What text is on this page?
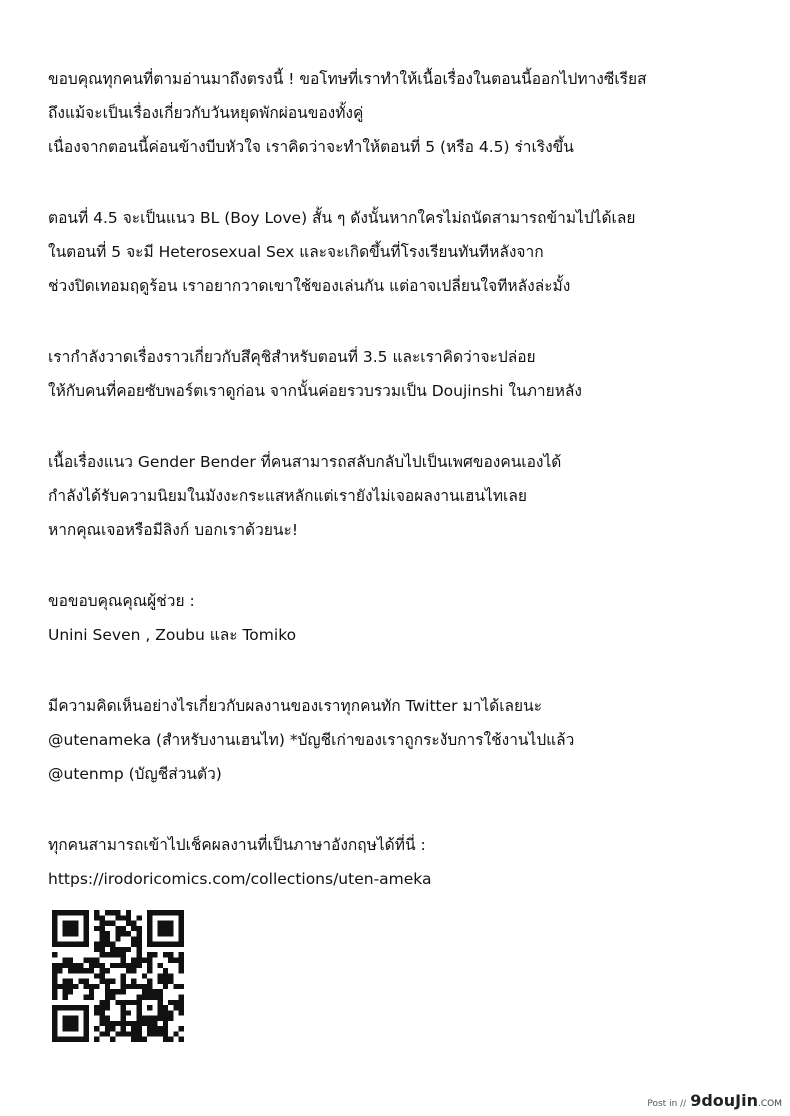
ขอบคุณทุกคนที่ตามอ่านมาถึงตรงนี้ ! ขอโทษที่เราทำให้เนื้อเรื่องในตอนนี้ออกไปทางซีเรียส
ถึงแม้จะเป็นเรื่องเกี่ยวกับวันหยุดพักผ่อนของทั้งคู่
เนื่องจากตอนนี้ค่อนข้างบีบหัวใจ เราคิดว่าจะทำให้ตอนที่ 5 (หรือ 4.5) ร่าเริงขึ้น
ตอนที่ 4.5 จะเป็นแนว BL (Boy Love) สั้น ๆ ดังนั้นหากใครไม่ถนัดสามารถข้ามไปได้เลย
ในตอนที่ 5 จะมี Heterosexual Sex และจะเกิดขึ้นที่โรงเรียนทันทีหลังจาก
ช่วงปิดเทอมฤดูร้อน เราอยากวาดเขาใช้ของเล่นกัน แต่อาจเปลี่ยนใจทีหลังล่ะมั้ง
เรากำลังวาดเรื่องราวเกี่ยวกับสึคุชิสำหรับตอนที่ 3.5 และเราคิดว่าจะปล่อย
ให้กับคนที่คอยซับพอร์ตเราดูก่อน จากนั้นค่อยรวบรวมเป็น Doujinshi ในภายหลัง
เนื้อเรื่องแนว Gender Bender ที่คนสามารถสลับกลับไปเป็นเพศของคนเองได้
กำลังได้รับความนิยมในมังงะกระแสหลักแต่เรายังไม่เจอผลงานเฮนไทเลย
หากคุณเจอหรือมีลิงก์ บอกเราด้วยนะ!
ขอขอบคุณคุณผู้ช่วย :
Unini Seven , Zoubu และ Tomiko
มีความคิดเห็นอย่างไรเกี่ยวกับผลงานของเราทุกคนทัก Twitter มาได้เลยนะ
@utenameka (สำหรับงานเฮนไท) *บัญชีเก่าของเราถูกระงับการใช้งานไปแล้ว
@utenmp (บัญชีส่วนตัว)
ทุกคนสามารถเข้าไปเช็คผลงานที่เป็นภาษาอังกฤษได้ที่นี่ :
https://irodoricomics.com/collections/uten-ameka
Post in // 9douJin.COM
